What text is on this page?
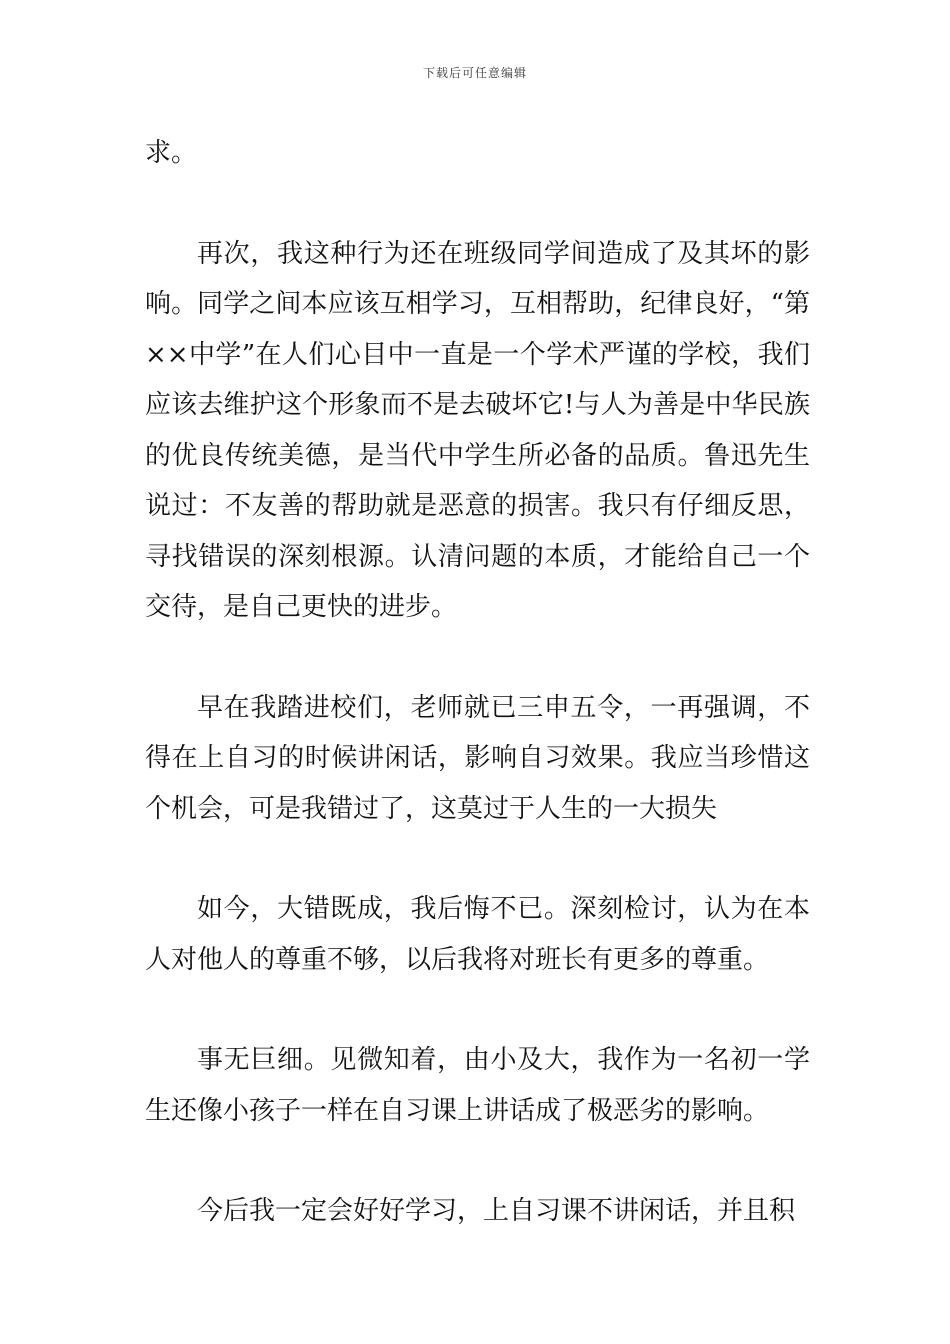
下载后可任意编辑

求。

再次，我这种行为还在班级同学间造成了及其坏的影响。同学之间本应该互相学习，互相帮助，纪律良好，“第××中学”在人们心目中一直是一个学术严谨的学校，我们应该去维护这个形象而不是去破坏它!与人为善是中华民族的优良传统美德，是当代中学生所必备的品质。鲁迅先生说过：不友善的帮助就是恶意的损害。我只有仔细反思，寻找错误的深刻根源。认清问题的本质，才能给自己一个交待，是自己更快的进步。

早在我踏进校们，老师就已三申五令，一再强调，不得在上自习的时候讲闲话，影响自习效果。我应当珍惜这个机会，可是我错过了，这莫过于人生的一大损失

如今，大错既成，我后悔不已。深刻检讨，认为在本人对他人的尊重不够，以后我将对班长有更多的尊重。

事无巨细。见微知着，由小及大，我作为一名初一学生还像小孩子一样在自习课上讲话成了极恶劣的影响。

今后我一定会好好学习，上自习课不讲闲话，并且积
